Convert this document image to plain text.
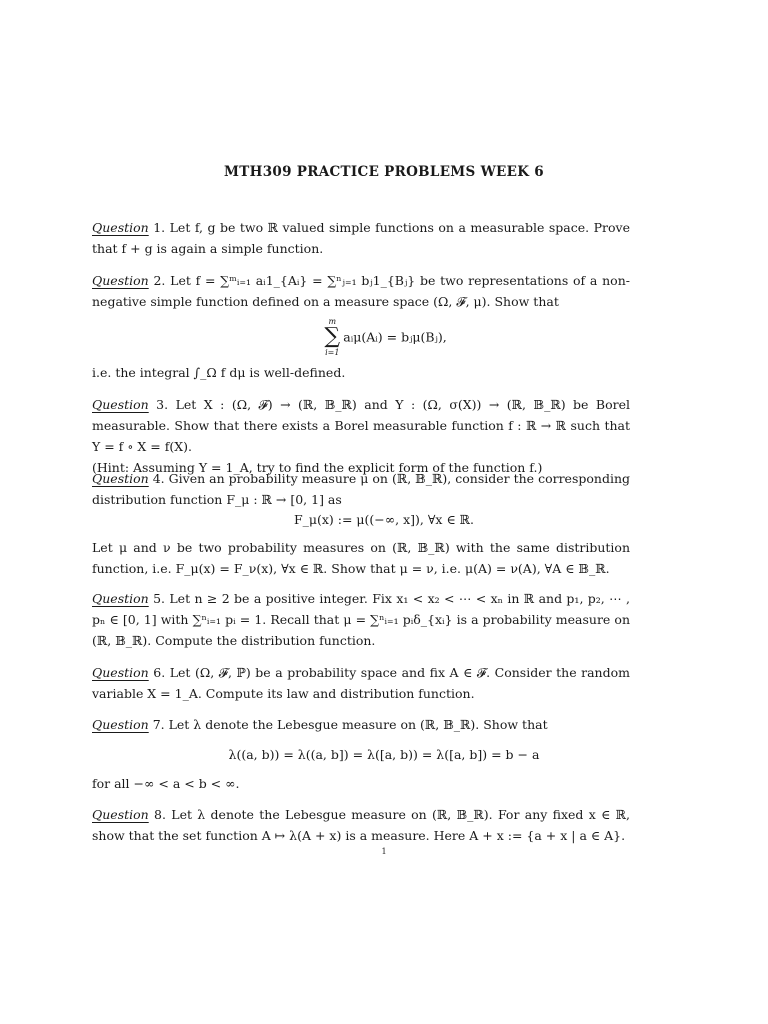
MTH309 PRACTICE PROBLEMS WEEK 6
Question 1. Let f, g be two ℝ valued simple functions on a measurable space. Prove that f + g is again a simple function.
Question 2. Let f = ∑ᵐᵢ₌₁ aᵢ1_{Aᵢ} = ∑ⁿⱼ₌₁ bⱼ1_{Bⱼ} be two representations of a non-negative simple function defined on a measure space (Ω, 𝓕, μ). Show that
m
∑
i=1
aᵢμ(Aᵢ) = bⱼμ(Bⱼ),
i.e. the integral ∫_Ω f dμ is well-defined.
Question 3. Let X : (Ω, 𝓕) → (ℝ, 𝔹_ℝ) and Y : (Ω, σ(X)) → (ℝ, 𝔹_ℝ) be Borel measurable. Show that there exists a Borel measurable function f : ℝ → ℝ such that Y = f ∘ X = f(X).
(Hint: Assuming Y = 1_A, try to find the explicit form of the function f.)
Question 4. Given an probability measure μ on (ℝ, 𝔹_ℝ), consider the corresponding distribution function F_μ : ℝ → [0, 1] as
F_μ(x) := μ((−∞, x]), ∀x ∈ ℝ.
Let μ and ν be two probability measures on (ℝ, 𝔹_ℝ) with the same distribution function, i.e. F_μ(x) = F_ν(x), ∀x ∈ ℝ. Show that μ = ν, i.e. μ(A) = ν(A), ∀A ∈ 𝔹_ℝ.
Question 5. Let n ≥ 2 be a positive integer. Fix x₁ < x₂ < ⋯ < xₙ in ℝ and p₁, p₂, ⋯ , pₙ ∈ [0, 1] with ∑ⁿᵢ₌₁ pᵢ = 1. Recall that μ = ∑ⁿᵢ₌₁ pᵢδ_{xᵢ} is a probability measure on (ℝ, 𝔹_ℝ). Compute the distribution function.
Question 6. Let (Ω, 𝓕, ℙ) be a probability space and fix A ∈ 𝓕. Consider the random variable X = 1_A. Compute its law and distribution function.
Question 7. Let λ denote the Lebesgue measure on (ℝ, 𝔹_ℝ). Show that
λ((a, b)) = λ((a, b]) = λ([a, b)) = λ([a, b]) = b − a
for all −∞ < a < b < ∞.
Question 8. Let λ denote the Lebesgue measure on (ℝ, 𝔹_ℝ). For any fixed x ∈ ℝ, show that the set function A ↦ λ(A + x) is a measure. Here A + x := {a + x | a ∈ A}.
1
